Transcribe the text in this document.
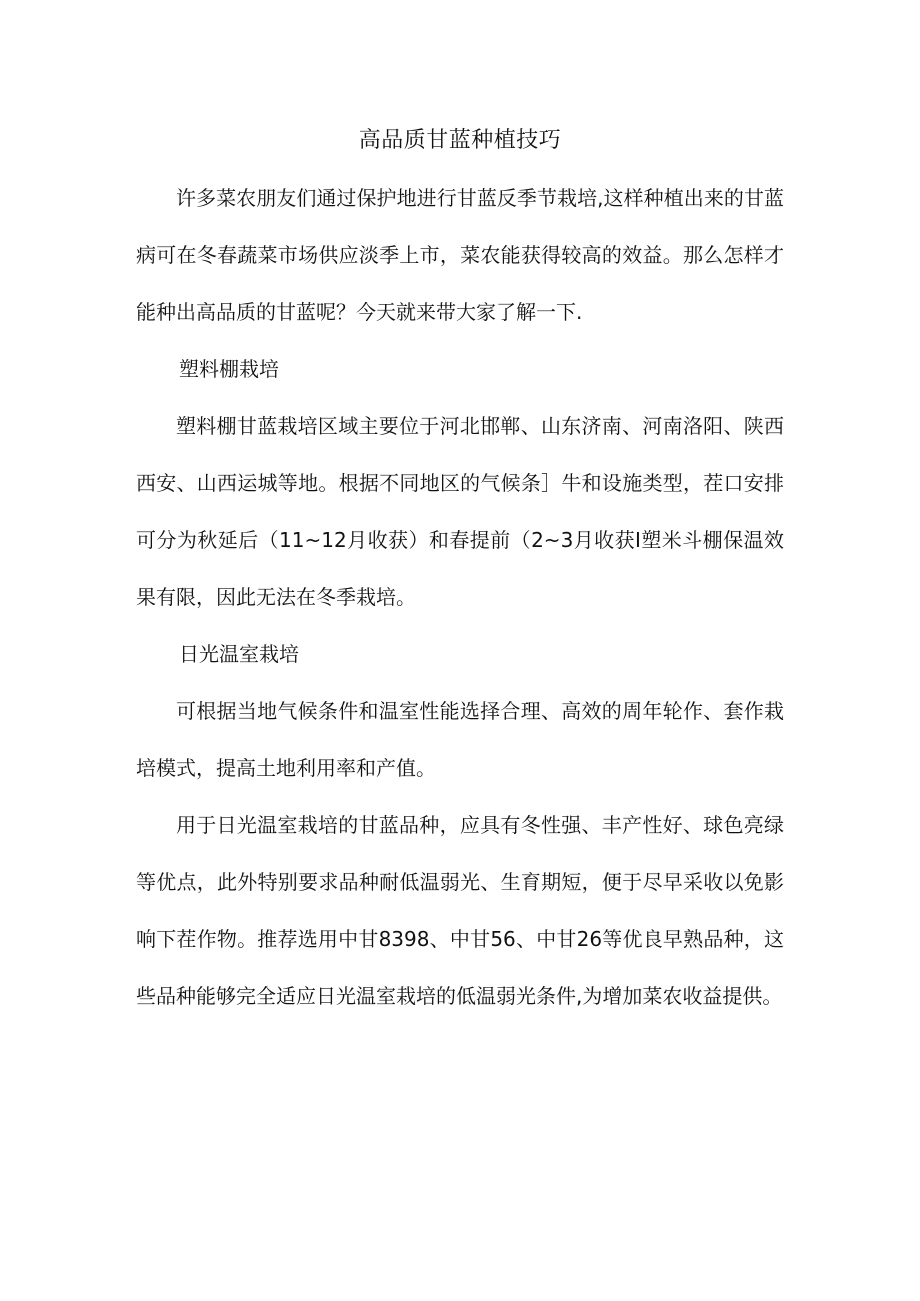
高品质甘蓝种植技巧

许多菜农朋友们通过保护地进行甘蓝反季节栽培,这样种植出来的甘蓝病可在冬春蔬菜市场供应淡季上市，菜农能获得较高的效益。那么怎样才能种出高品质的甘蓝呢？今天就来带大家了解一下.

塑料棚栽培

塑料棚甘蓝栽培区域主要位于河北邯郸、山东济南、河南洛阳、陕西西安、山西运城等地。根据不同地区的气候条］牛和设施类型，茬口安排可分为秋延后（11~12月收获）和春提前（2~3月收获I塑米斗棚保温效果有限，因此无法在冬季栽培。

日光温室栽培

可根据当地气候条件和温室性能选择合理、高效的周年轮作、套作栽培模式，提高土地利用率和产值。

用于日光温室栽培的甘蓝品种，应具有冬性强、丰产性好、球色亮绿等优点，此外特别要求品种耐低温弱光、生育期短，便于尽早采收以免影响下茬作物。推荐选用中甘8398、中甘56、中甘26等优良早熟品种，这些品种能够完全适应日光温室栽培的低温弱光条件,为增加菜农收益提供。
